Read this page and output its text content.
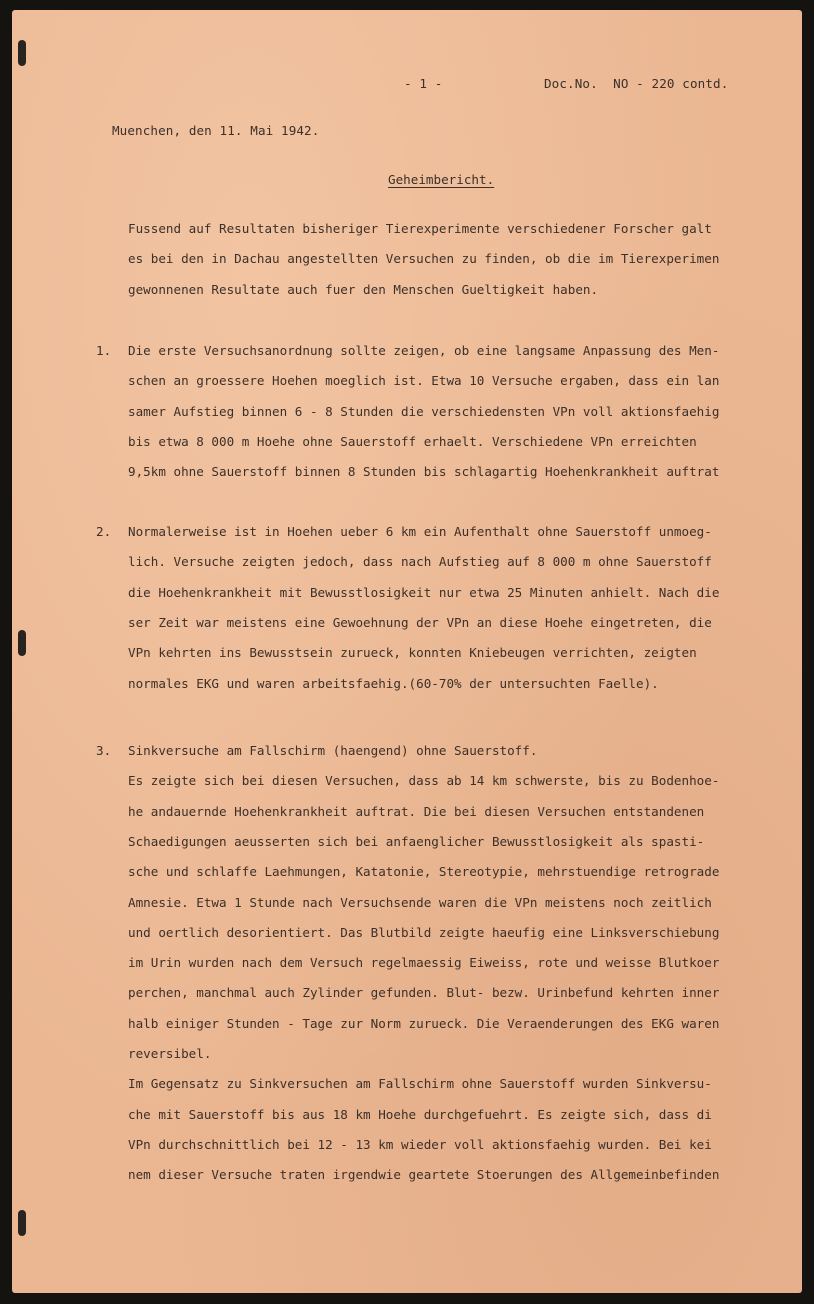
- 1 -	Doc.No.  NO - 220 contd.
Muenchen, den 11. Mai 1942.
Geheimbericht.
Fussend auf Resultaten bisheriger Tierexperimente verschiedener Forscher galt
es bei den in Dachau angestellten Versuchen zu finden, ob die im Tierexperimen
gewonnenen Resultate auch fuer den Menschen Gueltigkeit haben.
1. Die erste Versuchsanordnung sollte zeigen, ob eine langsame Anpassung des Men-
schen an groessere Hoehen moeglich ist. Etwa 10 Versuche ergaben, dass ein lan
samer Aufstieg binnen 6 - 8 Stunden die verschiedensten VPn voll aktionsfaehig
bis etwa 8 000 m Hoehe ohne Sauerstoff erhaelt. Verschiedene VPn erreichten
9,5km ohne Sauerstoff binnen 8 Stunden bis schlagartig Hoehenkrankheit auftrat
2. Normalerweise ist in Hoehen ueber 6 km ein Aufenthalt ohne Sauerstoff unmoeg-
lich. Versuche zeigten jedoch, dass nach Aufstieg auf 8 000 m ohne Sauerstoff
die Hoehenkrankheit mit Bewusstlosigkeit nur etwa 25 Minuten anhielt. Nach die
ser Zeit war meistens eine Gewoehnung der VPn an diese Hoehe eingetreten, die
VPn kehrten ins Bewusstsein zurueck, konnten Kniebeugen verrichten, zeigten
normales EKG und waren arbeitsfaehig.(60-70% der untersuchten Faelle).
3. Sinkversuche am Fallschirm (haengend) ohne Sauerstoff.
Es zeigte sich bei diesen Versuchen, dass ab 14 km schwerste, bis zu Bodenhoe-
he andauernde Hoehenkrankheit auftrat. Die bei diesen Versuchen entstandenen
Schaedigungen aeusserten sich bei anfaenglicher Bewusstlosigkeit als spasti-
sche und schlaffe Laehmungen, Katatonie, Stereotypie, mehrstuendige retrograde
Amnesie. Etwa 1 Stunde nach Versuchsende waren die VPn meistens noch zeitlich
und oertlich desorientiert. Das Blutbild zeigte haeufig eine Linksverschiebung
im Urin wurden nach dem Versuch regelmaessig Eiweiss, rote und weisse Blutkoer
perchen, manchmal auch Zylinder gefunden. Blut- bezw. Urinbefund kehrten inner
halb einiger Stunden - Tage zur Norm zurueck. Die Veraenderungen des EKG waren
reversibel.
Im Gegensatz zu Sinkversuchen am Fallschirm ohne Sauerstoff wurden Sinkversu-
che mit Sauerstoff bis aus 18 km Hoehe durchgefuehrt. Es zeigte sich, dass di
VPn durchschnittlich bei 12 - 13 km wieder voll aktionsfaehig wurden. Bei kei
nem dieser Versuche traten irgendwie geartete Stoerungen des Allgemeinbefinden
